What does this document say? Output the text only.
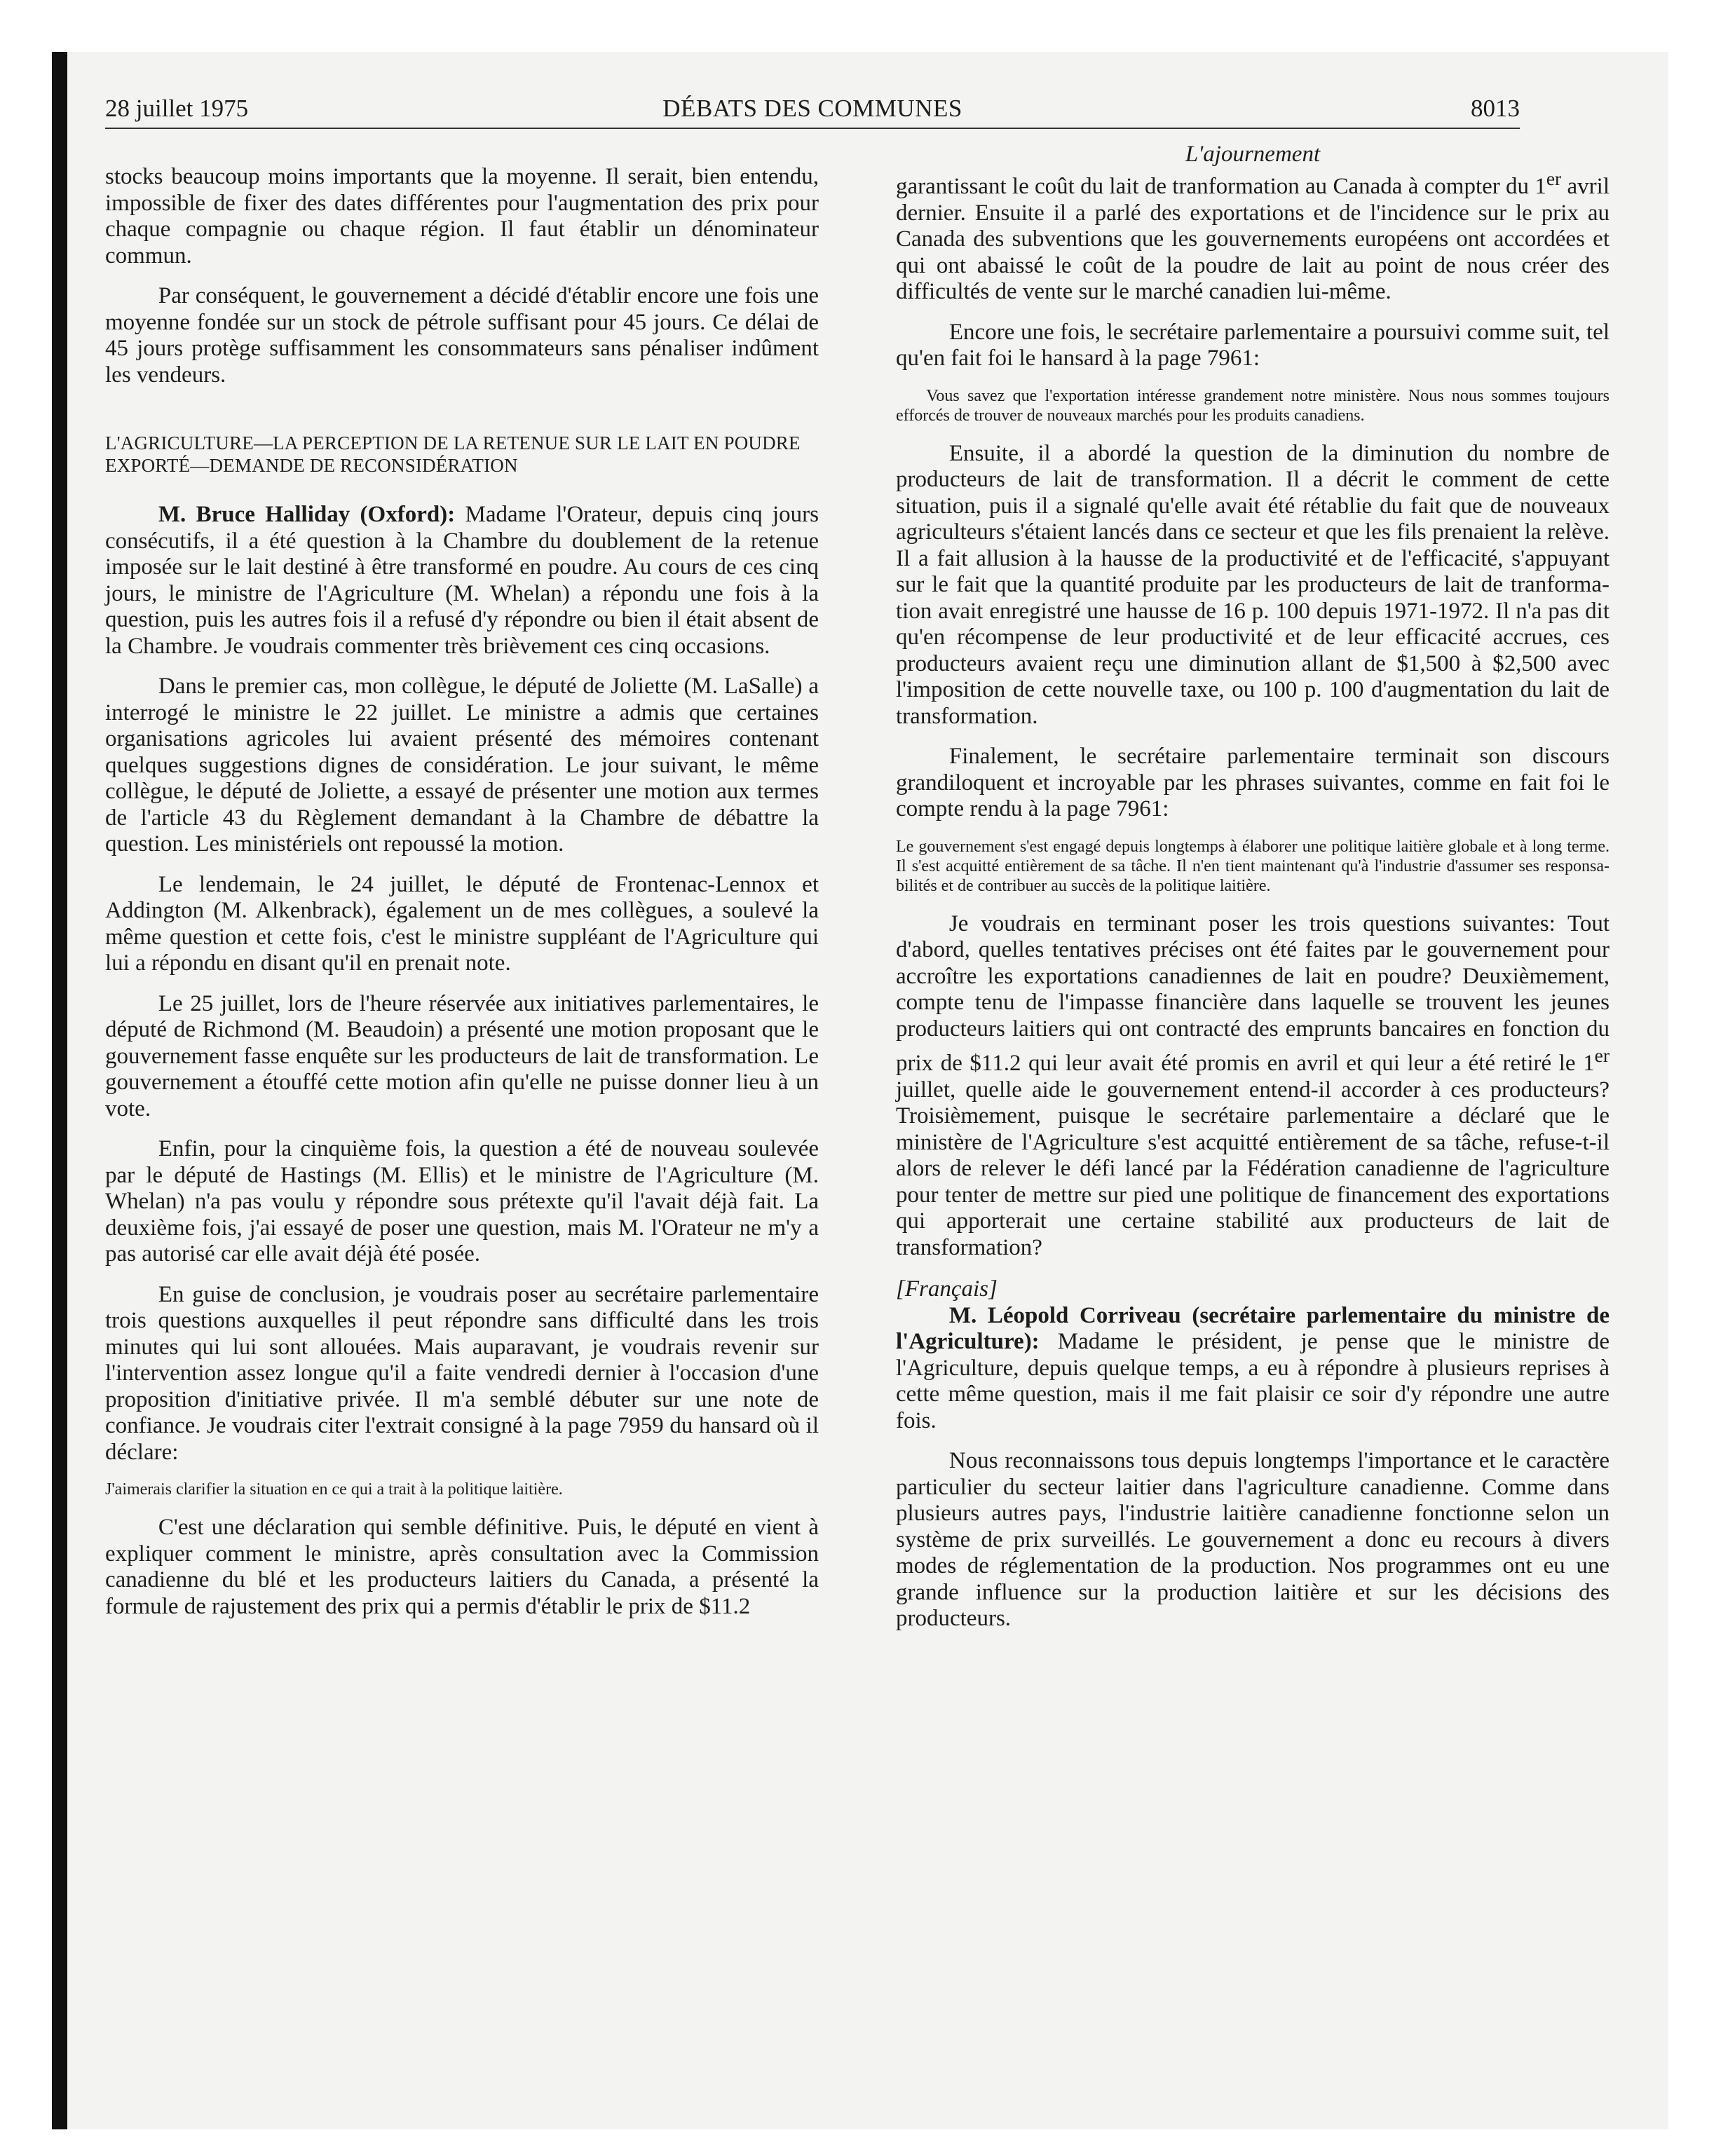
28 juillet 1975	DÉBATS DES COMMUNES	8013
L'ajournement

stocks beaucoup moins importants que la moyenne. Il serait, bien entendu, impossible de fixer des dates différentes pour l'augmentation des prix pour chaque compagnie ou chaque région. Il faut établir un dénominateur commun.

Par conséquent, le gouvernement a décidé d'établir encore une fois une moyenne fondée sur un stock de pétrole suffisant pour 45 jours. Ce délai de 45 jours protège suffisamment les consommateurs sans pénaliser indûment les vendeurs.

L'AGRICULTURE—LA PERCEPTION DE LA RETENUE SUR LE LAIT EN POUDRE EXPORTÉ—DEMANDE DE RECONSIDÉRATION

M. Bruce Halliday (Oxford): Madame l'Orateur, depuis cinq jours consécutifs, il a été question à la Chambre du doublement de la retenue imposée sur le lait destiné à être transformé en poudre. Au cours de ces cinq jours, le ministre de l'Agriculture (M. Whelan) a répondu une fois à la question, puis les autres fois il a refusé d'y répondre ou bien il était absent de la Chambre. Je voudrais commenter très brièvement ces cinq occasions.

Dans le premier cas, mon collègue, le député de Joliette (M. LaSalle) a interrogé le ministre le 22 juillet. Le ministre a admis que certaines organisations agricoles lui avaient présenté des mémoires contenant quelques suggestions dignes de considération. Le jour suivant, le même collègue, le député de Joliette, a essayé de présenter une motion aux termes de l'article 43 du Règlement demandant à la Chambre de débattre la question. Les ministériels ont repoussé la motion.

Le lendemain, le 24 juillet, le député de Frontenac-Lennox et Addington (M. Alkenbrack), également un de mes collègues, a soulevé la même question et cette fois, c'est le ministre suppléant de l'Agriculture qui lui a répondu en disant qu'il en prenait note.

Le 25 juillet, lors de l'heure réservée aux initiatives parlementaires, le député de Richmond (M. Beaudoin) a présenté une motion proposant que le gouvernement fasse enquête sur les producteurs de lait de transformation. Le gouvernement a étouffé cette motion afin qu'elle ne puisse donner lieu à un vote.

Enfin, pour la cinquième fois, la question a été de nouveau soulevée par le député de Hastings (M. Ellis) et le ministre de l'Agriculture (M. Whelan) n'a pas voulu y répondre sous prétexte qu'il l'avait déjà fait. La deuxième fois, j'ai essayé de poser une question, mais M. l'Orateur ne m'y a pas autorisé car elle avait déjà été posée.

En guise de conclusion, je voudrais poser au secrétaire parlementaire trois questions auxquelles il peut répondre sans difficulté dans les trois minutes qui lui sont allouées. Mais auparavant, je voudrais revenir sur l'intervention assez longue qu'il a faite vendredi dernier à l'occasion d'une proposition d'initiative privée. Il m'a semblé débuter sur une note de confiance. Je voudrais citer l'extrait consigné à la page 7959 du hansard où il déclare:

J'aimerais clarifier la situation en ce qui a trait à la politique laitière.

C'est une déclaration qui semble définitive. Puis, le député en vient à expliquer comment le ministre, après consultation avec la Commission canadienne du blé et les producteurs laitiers du Canada, a présenté la formule de rajustement des prix qui a permis d'établir le prix de $11.2

garantissant le coût du lait de tranformation au Canada à compter du 1er avril dernier. Ensuite il a parlé des exportations et de l'incidence sur le prix au Canada des subventions que les gouvernements européens ont accordées et qui ont abaissé le coût de la poudre de lait au point de nous créer des difficultés de vente sur le marché canadien lui-même.

Encore une fois, le secrétaire parlementaire a poursuivi comme suit, tel qu'en fait foi le hansard à la page 7961:

Vous savez que l'exportation intéresse grandement notre ministère. Nous nous sommes toujours efforcés de trouver de nouveaux marchés pour les produits canadiens.

Ensuite, il a abordé la question de la diminution du nombre de producteurs de lait de transformation. Il a décrit le comment de cette situation, puis il a signalé qu'elle avait été rétablie du fait que de nouveaux agriculteurs s'étaient lancés dans ce secteur et que les fils prenaient la relève. Il a fait allusion à la hausse de la productivité et de l'efficacité, s'appuyant sur le fait que la quantité produite par les producteurs de lait de tranformation avait enregistré une hausse de 16 p. 100 depuis 1971-1972. Il n'a pas dit qu'en récompense de leur productivité et de leur efficacité accrues, ces producteurs avaient reçu une diminution allant de $1,500 à $2,500 avec l'imposition de cette nouvelle taxe, ou 100 p. 100 d'augmentation du lait de transformation.

Finalement, le secrétaire parlementaire terminait son discours grandiloquent et incroyable par les phrases suivantes, comme en fait foi le compte rendu à la page 7961:

Le gouvernement s'est engagé depuis longtemps à élaborer une politique laitière globale et à long terme. Il s'est acquitté entièrement de sa tâche. Il n'en tient maintenant qu'à l'industrie d'assumer ses responsabilités et de contribuer au succès de la politique laitière.

Je voudrais en terminant poser les trois questions suivantes: Tout d'abord, quelles tentatives précises ont été faites par le gouvernement pour accroître les exportations canadiennes de lait en poudre? Deuxièmement, compte tenu de l'impasse financière dans laquelle se trouvent les jeunes producteurs laitiers qui ont contracté des emprunts bancaires en fonction du prix de $11.2 qui leur avait été promis en avril et qui leur a été retiré le 1er juillet, quelle aide le gouvernement entend-il accorder à ces producteurs? Troisièmement, puisque le secrétaire parlementaire a déclaré que le ministère de l'Agriculture s'est acquitté entièrement de sa tâche, refuse-t-il alors de relever le défi lancé par la Fédération canadienne de l'agriculture pour tenter de mettre sur pied une politique de financement des exportations qui apporterait une certaine stabilité aux producteurs de lait de transformation?

[Français]

M. Léopold Corriveau (secrétaire parlementaire du ministre de l'Agriculture): Madame le président, je pense que le ministre de l'Agriculture, depuis quelque temps, a eu à répondre à plusieurs reprises à cette même question, mais il me fait plaisir ce soir d'y répondre une autre fois.

Nous reconnaissons tous depuis longtemps l'importance et le caractère particulier du secteur laitier dans l'agriculture canadienne. Comme dans plusieurs autres pays, l'industrie laitière canadienne fonctionne selon un système de prix surveillés. Le gouvernement a donc eu recours à divers modes de réglementation de la production. Nos programmes ont eu une grande influence sur la production laitière et sur les décisions des producteurs.
